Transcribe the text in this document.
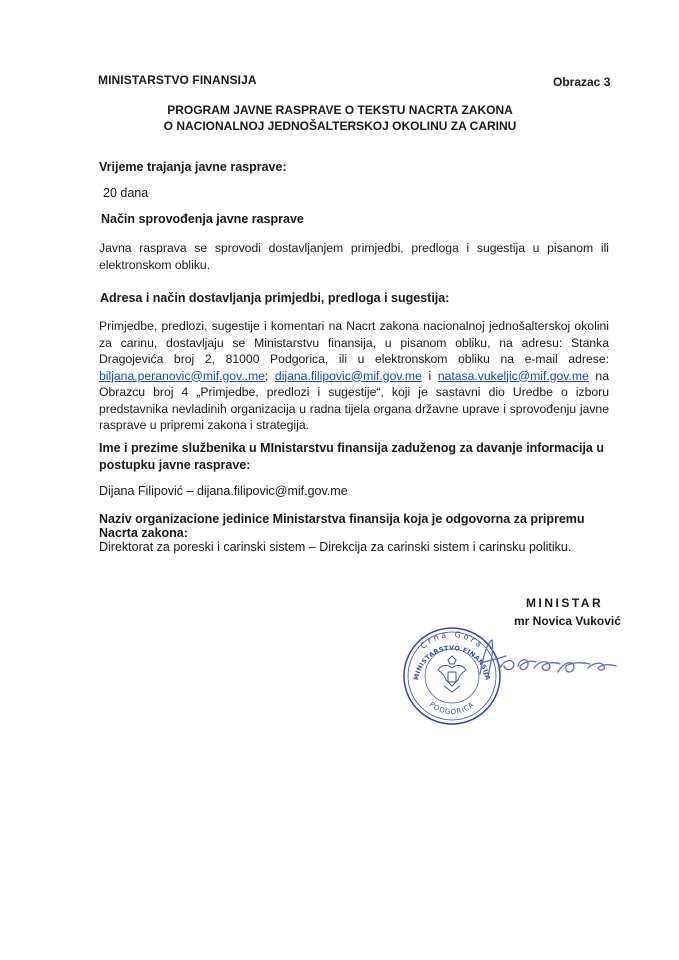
MINISTARSTVO FINANSIJA	Obrazac 3
PROGRAM JAVNE RASPRAVE O TEKSTU NACRTA ZAKONA
O NACIONALNOJ JEDNOŠALTERSKOJ OKOLINU ZA CARINU
Vrijeme trajanja javne rasprave:
20 dana
Način sprovođenja javne rasprave
Javna rasprava se sprovodi dostavljanjem primjedbi, predloga i sugestija u pisanom ili elektronskom obliku.
Adresa i način dostavljanja primjedbi, predloga i sugestija:
Primjedbe, predlozi, sugestije i komentari na Nacrt zakona nacionalnoj jednošalterskoj okolini za carinu, dostavljaju se Ministarstvu finansija, u pisanom obliku, na adresu: Stanka Dragojevića broj 2, 81000 Podgorica, ili u elektronskom obliku na e-mail adrese: biljana.peranovic@mif.gov..me; dijana.filipovic@mif.gov.me i natasa.vukeljic@mif.gov.me na Obrazcu broj 4 „Primjedbe, predlozi i sugestije“, koji je sastavni dio Uredbe o izboru predstavnika nevladinih organizacija u radna tijela organa državne uprave i sprovođenju javne rasprave u pripremi zakona i strategija.
Ime i prezime službenika u MInistarstvu finansija zaduženog za davanje informacija u postupku javne rasprave:
Dijana Filipović – dijana.filipovic@mif.gov.me
Naziv organizacione jedinice Ministarstva finansija koja je odgovorna za pripremu Nacrta zakona:
Direktorat za poreski i carinski sistem – Direkcija za carinski sistem i carinsku politiku.
MINISTAR
mr Novica Vuković
Crna Gora
MINISTARSTVO FINANSIJA
PODGORICA
